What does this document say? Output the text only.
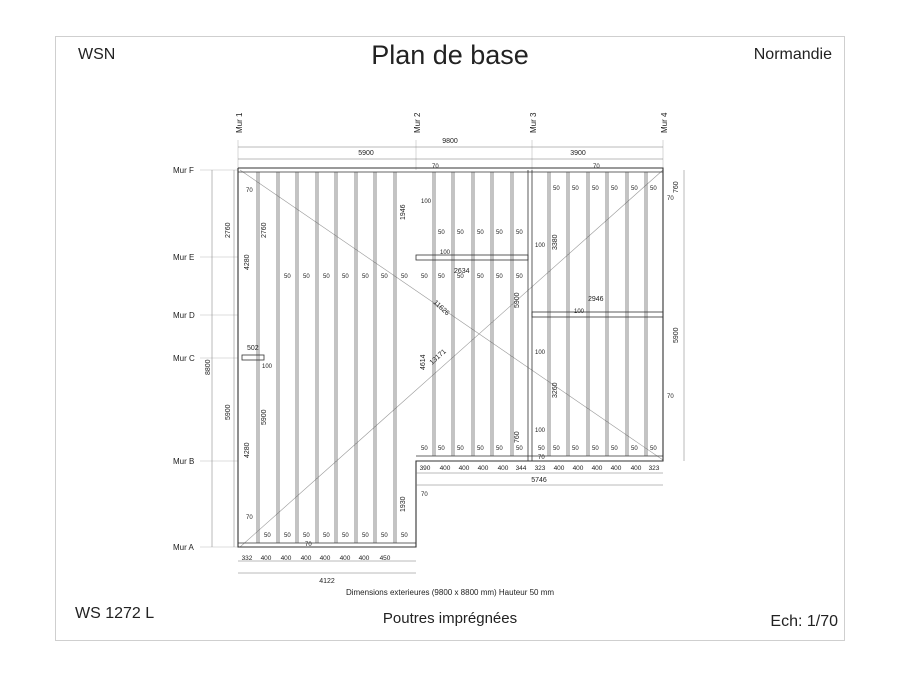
WSN	Plan de base	Normandie
Dimensions exterieures (9800 x 8800 mm) Hauteur 50 mm
WS 1272 L	Poutres imprégnées	Ech: 1/70
Mur 1	Mur 2	Mur 3	Mur 4
Mur F
Mur E
Mur D
Mur C
Mur B
Mur A
9800
5900	3900
8800
2760
4280
5900
4280
2760
5900
1946
4614
1930
3380
3260
5900
760
5900
760
2634
2946
11626
13171
502
4122
5746
70	70
70
70
70
70
70
70
70
100
100
100
100
100
100
100
50 50 50 50 50 50 50
50 50 50 50 50
50 50 50 50 50 50
50 50 50 50 50 50	50 50 50 50 50 50 50
50 50 50 50 50 50 50 50
50 50 50 50 50 50
332 400 400 400 400 400 400 450
390 400 400 400 400 344 323 400 400 400 400 400 323
